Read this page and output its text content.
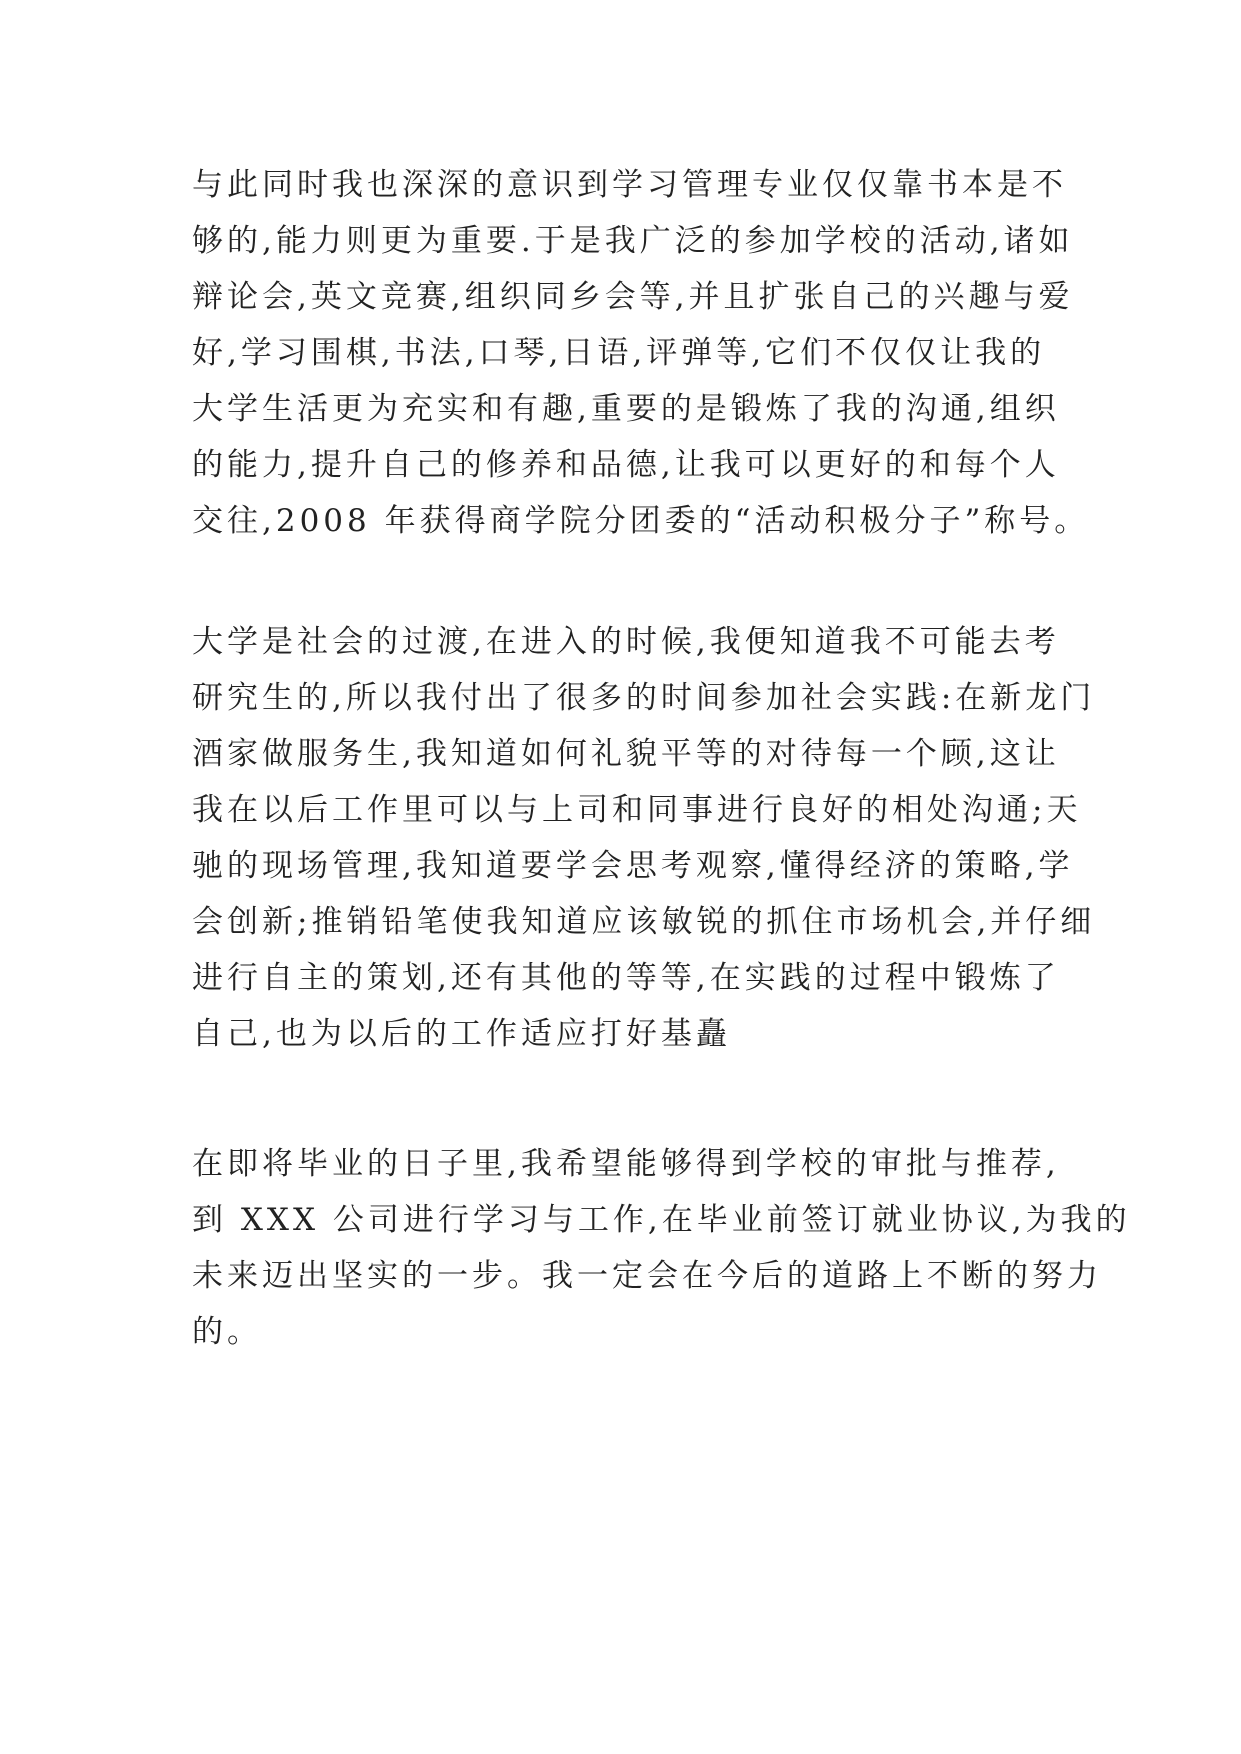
与此同时我也深深的意识到学习管理专业仅仅靠书本是不
够的,能力则更为重要.于是我广泛的参加学校的活动,诸如
辩论会,英文竞赛,组织同乡会等,并且扩张自己的兴趣与爱
好,学习围棋,书法,口琴,日语,评弹等,它们不仅仅让我的
大学生活更为充实和有趣,重要的是锻炼了我的沟通,组织
的能力,提升自己的修养和品德,让我可以更好的和每个人
交往,2008 年获得商学院分团委的“活动积极分子”称号。

大学是社会的过渡,在进入的时候,我便知道我不可能去考
研究生的,所以我付出了很多的时间参加社会实践:在新龙门
酒家做服务生,我知道如何礼貌平等的对待每一个顾,这让
我在以后工作里可以与上司和同事进行良好的相处沟通;天
驰的现场管理,我知道要学会思考观察,懂得经济的策略,学
会创新;推销铅笔使我知道应该敏锐的抓住市场机会,并仔细
进行自主的策划,还有其他的等等,在实践的过程中锻炼了
自己,也为以后的工作适应打好基矗

在即将毕业的日子里,我希望能够得到学校的审批与推荐,
到 XXX 公司进行学习与工作,在毕业前签订就业协议,为我的
未来迈出坚实的一步。我一定会在今后的道路上不断的努力
的。
